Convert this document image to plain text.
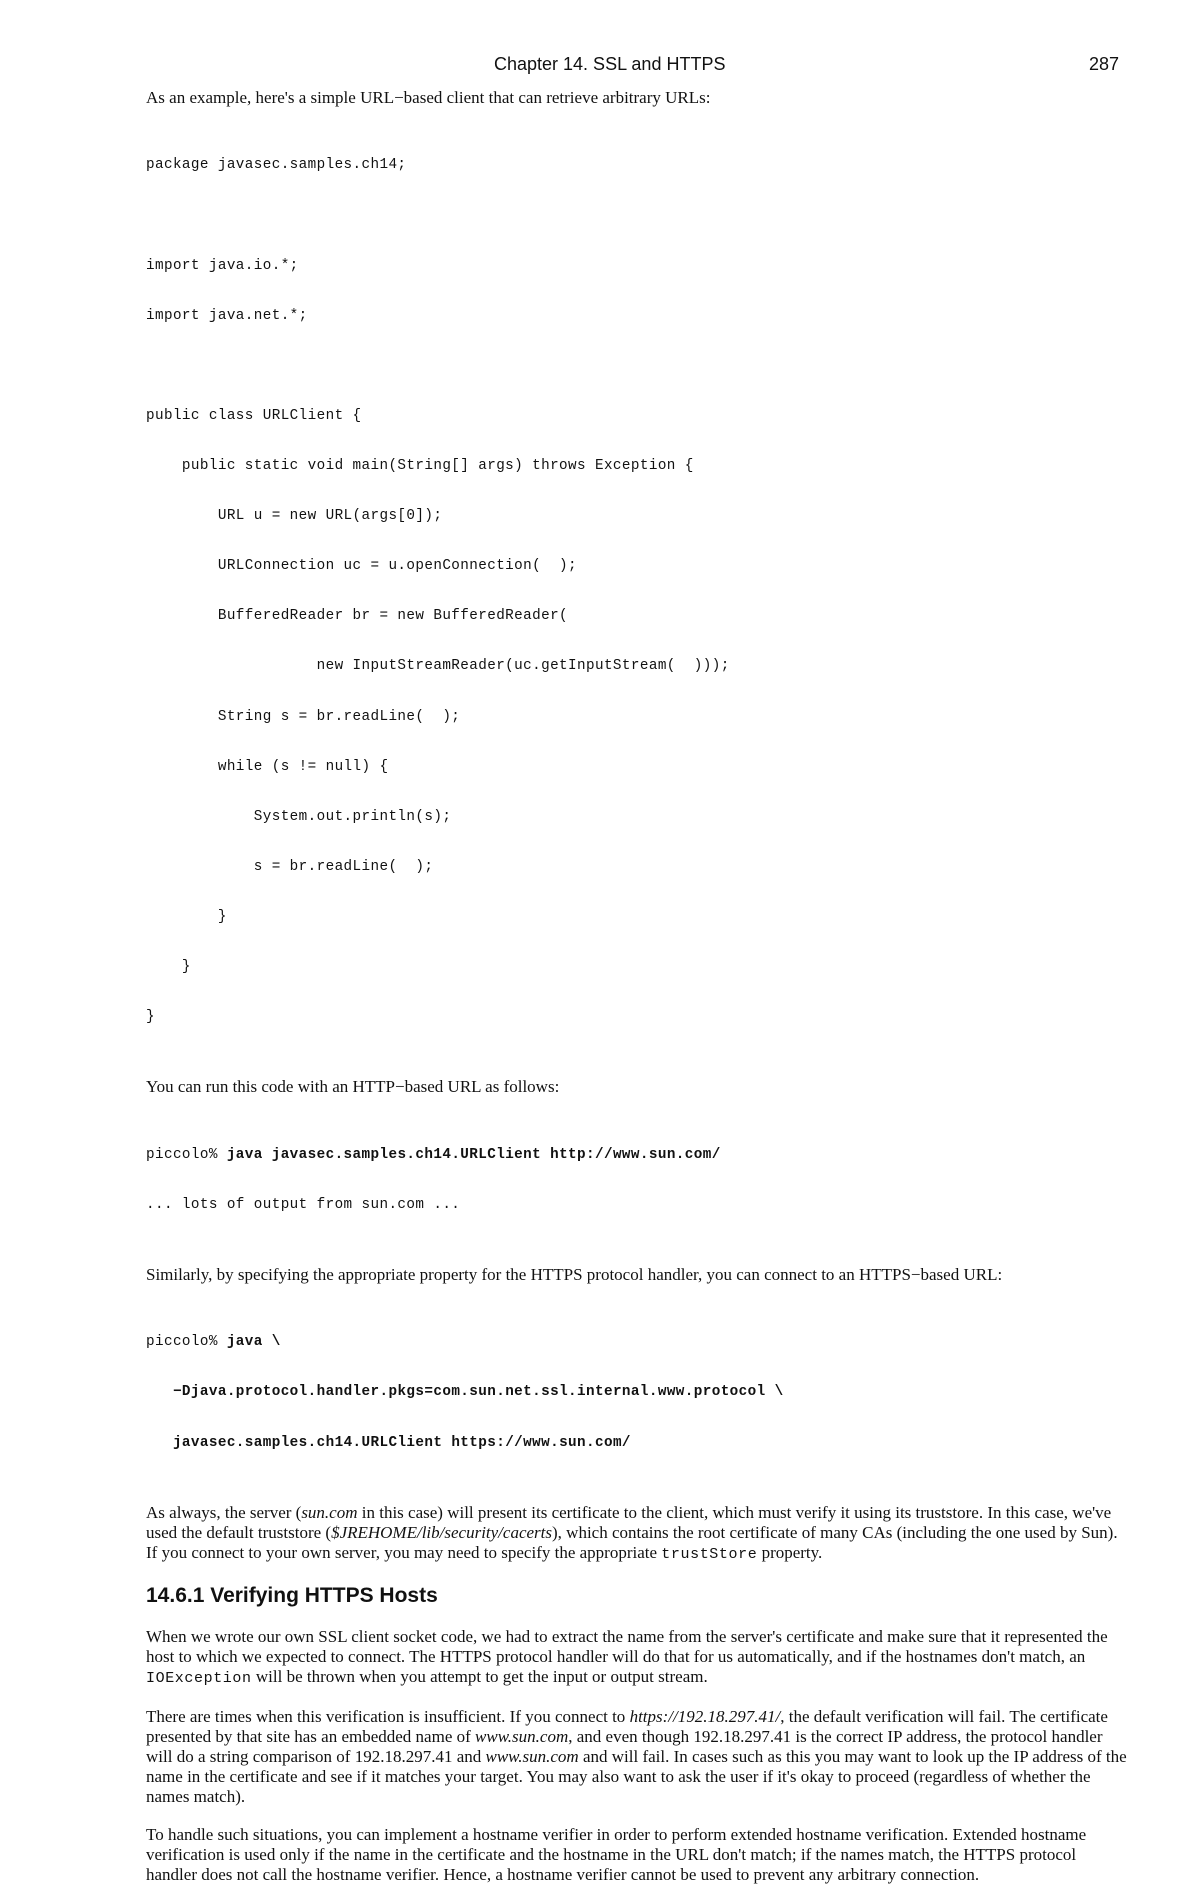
Chapter 14. SSL and HTTPS	287

As an example, here's a simple URL−based client that can retrieve arbitrary URLs:

package javasec.samples.ch14;

import java.io.*;

import java.net.*;

public class URLClient {

public static void main(String[] args) throws Exception {

URL u = new URL(args[0]);

URLConnection uc = u.openConnection(  );

BufferedReader br = new BufferedReader(

new InputStreamReader(uc.getInputStream(  )));

String s = br.readLine(  );

while (s != null) {

System.out.println(s);

s = br.readLine(  );

}

}

}

You can run this code with an HTTP−based URL as follows:

piccolo% java javasec.samples.ch14.URLClient http://www.sun.com/

... lots of output from sun.com ...

Similarly, by specifying the appropriate property for the HTTPS protocol handler, you can connect to an HTTPS−based URL:

piccolo% java \

−Djava.protocol.handler.pkgs=com.sun.net.ssl.internal.www.protocol \

javasec.samples.ch14.URLClient https://www.sun.com/

As always, the server (sun.com in this case) will present its certificate to the client, which must verify it using its truststore. In this case, we've used the default truststore ($JREHOME/lib/security/cacerts), which contains the root certificate of many CAs (including the one used by Sun). If you connect to your own server, you may need to specify the appropriate trustStore property.

14.6.1 Verifying HTTPS Hosts

When we wrote our own SSL client socket code, we had to extract the name from the server's certificate and make sure that it represented the host to which we expected to connect. The HTTPS protocol handler will do that for us automatically, and if the hostnames don't match, an IOException will be thrown when you attempt to get the input or output stream.

There are times when this verification is insufficient. If you connect to https://192.18.297.41/, the default verification will fail. The certificate presented by that site has an embedded name of www.sun.com, and even though 192.18.297.41 is the correct IP address, the protocol handler will do a string comparison of 192.18.297.41 and www.sun.com and will fail. In cases such as this you may want to look up the IP address of the name in the certificate and see if it matches your target. You may also want to ask the user if it's okay to proceed (regardless of whether the names match).

To handle such situations, you can implement a hostname verifier in order to perform extended hostname verification. Extended hostname verification is used only if the name in the certificate and the hostname in the URL don't match; if the names match, the HTTPS protocol handler does not call the hostname verifier. Hence, a hostname verifier cannot be used to prevent any arbitrary connection.
